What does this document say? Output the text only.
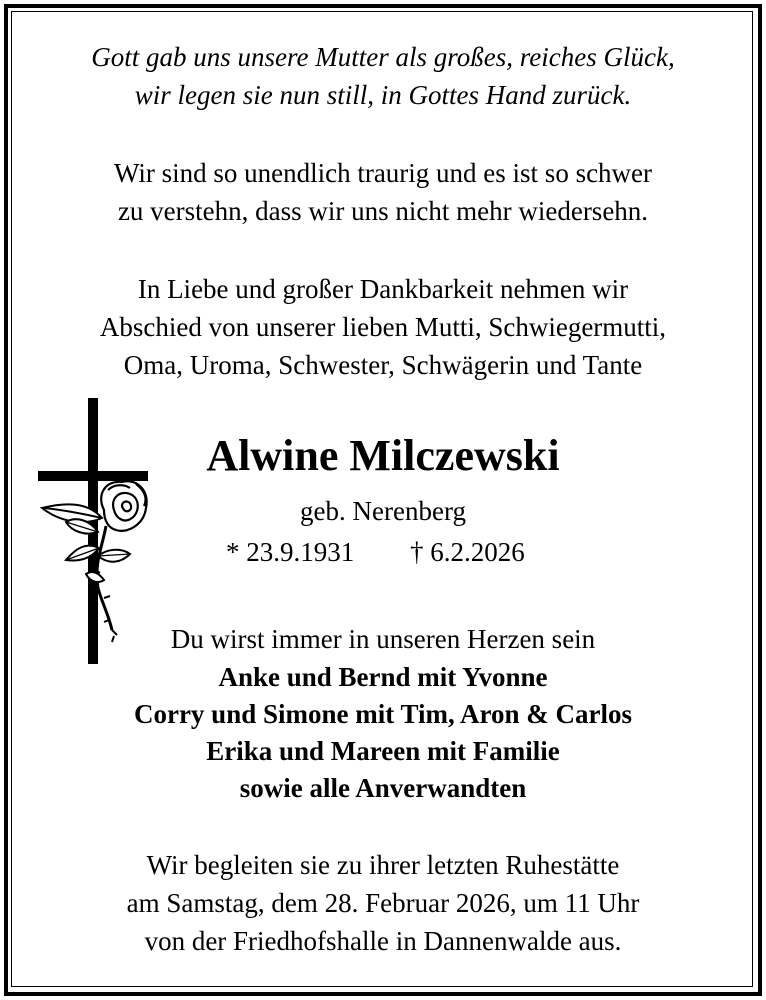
Gott gab uns unsere Mutter als großes, reiches Glück,
wir legen sie nun still, in Gottes Hand zurück.
Wir sind so unendlich traurig und es ist so schwer
zu verstehn, dass wir uns nicht mehr wiedersehn.
In Liebe und großer Dankbarkeit nehmen wir
Abschied von unserer lieben Mutti, Schwiegermutti,
Oma, Uroma, Schwester, Schwägerin und Tante
Alwine Milczewski
geb. Nerenberg
* 23.9.1931 † 6.2.2026
Du wirst immer in unseren Herzen sein
Anke und Bernd mit Yvonne
Corry und Simone mit Tim, Aron & Carlos
Erika und Mareen mit Familie
sowie alle Anverwandten
Wir begleiten sie zu ihrer letzten Ruhestätte
am Samstag, dem 28. Februar 2026, um 11 Uhr
von der Friedhofshalle in Dannenwalde aus.
